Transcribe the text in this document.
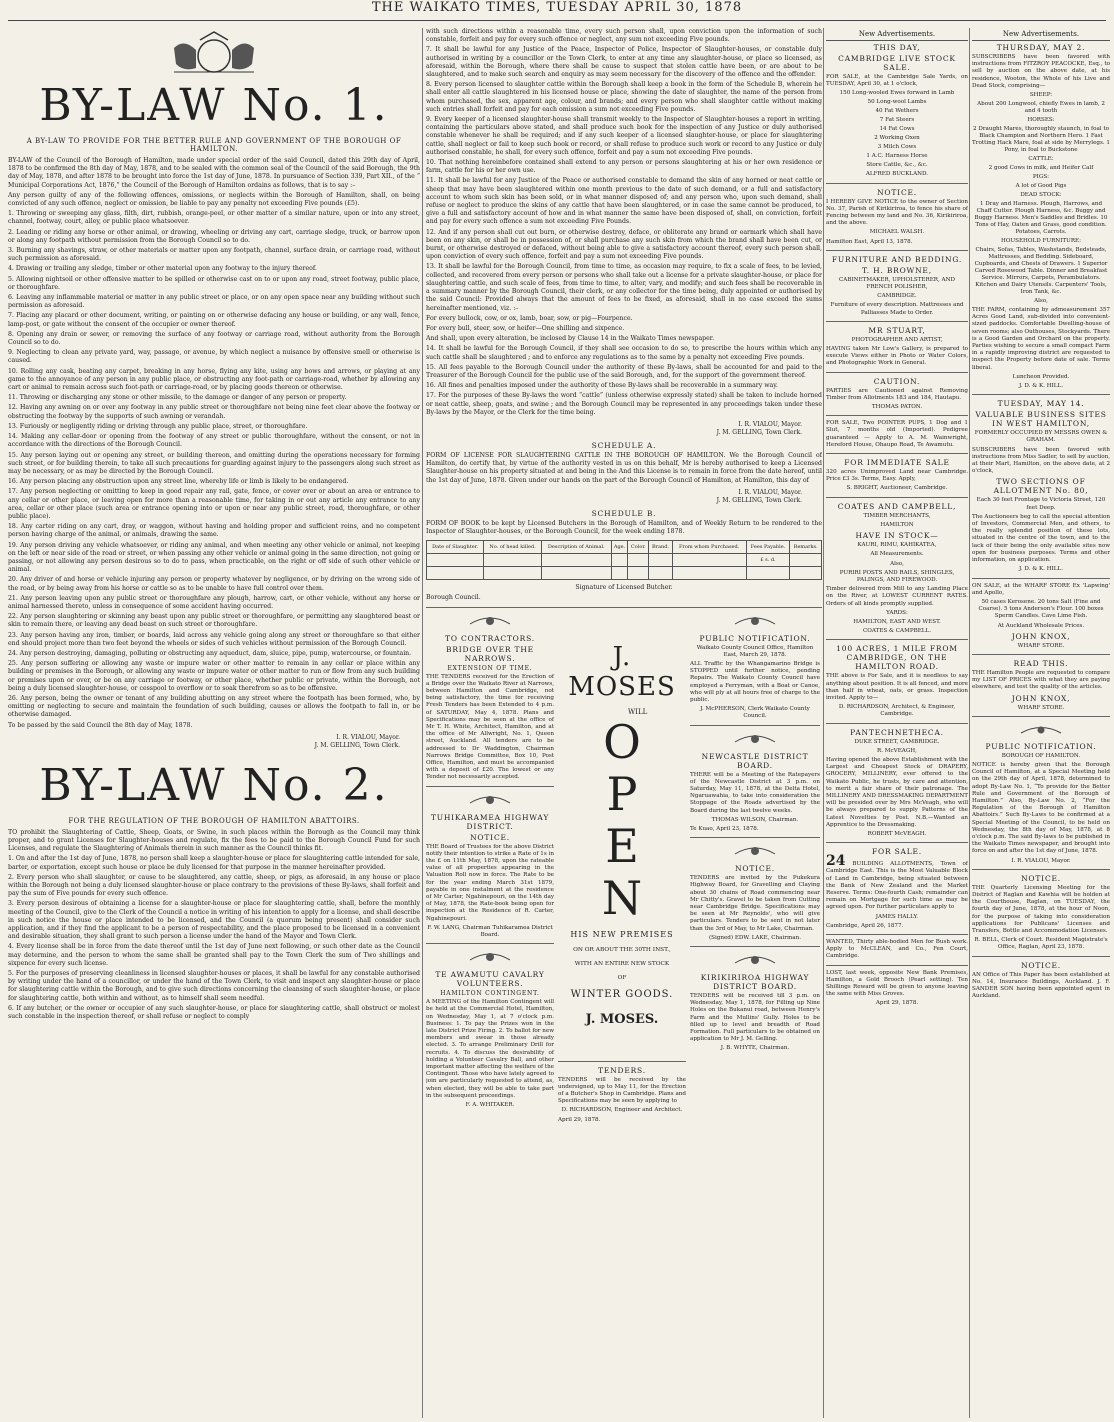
THE WAIKATO TIMES, TUESDAY APRIL 30, 1878
BY-LAW No. 1.
A BY-LAW TO PROVIDE FOR THE BETTER RULE AND GOVERNMENT OF THE BOROUGH OF HAMILTON.

BY-LAW of the Council of the Borough of Hamilton, made under special order of the said Council, dated this 29th day of April, 1878 to be confirmed the 8th day of May, 1878, and to be sealed with the common seal of the Council of the said Borough, the 9th day of May, 1878, and after 1878 to be brought into force the 1st day of June, 1878. In pursuance of Section 339, Part XII., of the “ Municipal Corporations Act, 1876,” the Council of the Borough of Hamilton ordains as follows, that is to say :–

Any person guilty of any of the following offences, omissions, or neglects within the Borough of Hamilton, shall, on being convicted of any such offence, neglect or omission, be liable to pay any penalty not exceeding Five pounds (£5).

1. Throwing or sweeping any glass, filth, dirt, rubbish, orange-peel, or other matter of a similar nature, upon or into any street, channel, footway, court, alley, or public place whatsoever.

2. Leading or riding any horse or other animal, or drawing, wheeling or driving any cart, carriage sledge, truck, or barrow upon or along any footpath without permission from the Borough Council so to do.

3. Burning any shavings, straw, or other materials or matter upon any footpath, channel, surface drain, or carriage road, without such permission as aforesaid.

4. Drawing or trailing any sledge, timber or other material upon any footway to the injury thereof.

5. Allowing nightsoil or other offensive matter to be spilled or otherwise cast on to or upon any road, street footway, public place, or thoroughfare.

6. Leaving any inflammable material or matter in any public street or place, or on any open space near any building without such permission as aforesaid.

7. Placing any placard or other document, writing, or painting on or otherwise defacing any house or building, or any wall, fence, lamp-post, or gate without the consent of the occupier or owner thereof.

8. Opening any drain or sewer, or removing the surface of any footway or carriage road, without authority from the Borough Council so to do.

9. Neglecting to clean any private yard, way, passage, or avenue, by which neglect a nuisance by offensive smell or otherwise is caused.

10. Rolling any cask, beating any carpet, breaking in any horse, flying any kite, using any bows and arrows, or playing at any game to the annoyance of any person in any public place, or obstructing any foot-path or carriage-road, whether by allowing any cart or animal to remain across such foot-path or carriage-road, or by placing goods thereon or otherwise.

11. Throwing or discharging any stone or other missile, to the damage or danger of any person or property.

12. Having any awning on or over any footway in any public street or thoroughfare not being nine feet clear above the footway or obstructing the footway by the supports of such awning or verandah.

13. Furiously or negligently riding or driving through any public place, street, or thoroughfare.

14. Making any cellar-door or opening from the footway of any street or public thoroughfare, without the consent, or not in accordance with the directions of the Borough Council.

15. Any person laying out or opening any street, or building thereon, and omitting during the operations necessary for forming such street, or for building therein, to take all such precautions for guarding against injury to the passengers along such street as may be necessary, or as may be directed by the Borough Council.

16. Any person placing any obstruction upon any street line, whereby life or limb is likely to be endangered.

17. Any person neglecting or omitting to keep in good repair any rail, gate, fence, or cover over or about an area or entrance to any cellar or other place, or leaving open for more than a reasonable time, for taking in or out any article any entrance to any area, cellar or other place (such area or entrance opening into or upon or near any public street, road, thoroughfare, or other public place).

18. Any carter riding on any cart, dray, or waggon, without having and holding proper and sufficient reins, and no competent person having charge of the animal, or animals, drawing the same.

19. Any person driving any vehicle whatsoever, or riding any animal, and when meeting any other vehicle or animal, not keeping on the left or near side of the road or street, or when passing any other vehicle or animal going in the same direction, not going or passing, or not allowing any person desirous so to do to pass, when practicable, on the right or off side of such other vehicle or animal.

20. Any driver of and horse or vehicle injuring any person or property whatever by negligence, or by driving on the wrong side of the road, or by being away from his horse or cattle so as to be unable to have full control over them.

21. Any person leaving upon any public street or thoroughfare any plough, harrow, cart, or other vehicle, without any horse or animal harnessed thereto, unless in consequence of some accident having occurred.

22. Any person slaughtering or skinning any beast upon any public street or thoroughfare, or permitting any slaughtered beast or skin to remain there, or leaving any dead beast on such street or thoroughfare.

23. Any person having any iron, timber, or boards, laid across any vehicle going along any street or thoroughfare so that either end should project more than two feet beyond the wheels or sides of such vehicles without permission of the Borough Council.

24. Any person destroying, damaging, polluting or obstructing any aqueduct, dam, sluice, pipe, pump, watercourse, or fountain.

25. Any person suffering or allowing any waste or impure water or other matter to remain in any cellar or place within any building or premises in the Borough, or allowing any waste or impure water or other matter to run or flow from any such building or premises upon or over, or be on any carriage or footway, or other place, whether public or private, within the Borough, not being a duly licensed slaughter-house, or cesspool to overflow or to soak therefrom so as to be offensive.

26. Any person, being the owner or tenant of any building abutting on any street where the footpath has been formed, who, by omitting or neglecting to secure and maintain the foundation of such building, causes or allows the footpath to fall in, or be otherwise damaged.

To be passed by the said Council the 8th day of May, 1878.

I. R. VIALOU, Mayor.
J. M. GELLING, Town Clerk.
BY-LAW No. 2.
FOR THE REGULATION OF THE BOROUGH OF HAMILTON ABATTOIRS.

TO prohibit the Slaughtering of Cattle, Sheep, Goats, or Swine, in such places within the Borough as the Council may think proper, and to grant Licenses for Slaughter-houses and regulate, fix the fees to be paid to the Borough Council Fund for such Licenses, and regulate the Slaughtering of Animals therein in such manner as the Council thinks fit.

1. On and after the 1st day of June, 1878, no person shall keep a slaughter-house or place for slaughtering cattle intended for sale, barter, or exportation, except such house or place be duly licensed for that purpose in the manner hereinafter provided.

2. Every person who shall slaughter, or cause to be slaughtered, any cattle, sheep, or pigs, as aforesaid, in any house or place within the Borough not being a duly licensed slaughter-house or place contrary to the provisions of these By-laws, shall forfeit and pay the sum of Five pounds for every such offence.

3. Every person desirous of obtaining a license for a slaughter-house or place for slaughtering cattle, shall, before the monthly meeting of the Council, give to the Clerk of the Council a notice in writing of his intention to apply for a license, and shall describe in such notice the house or place intended to be licensed, and the Council (a quorum being present) shall consider such application, and if they find the applicant to be a person of respectability, and the place proposed to be licensed in a convenient and desirable situation, they shall grant to such person a license under the hand of the Mayor and Town Clerk.

4. Every license shall be in force from the date thereof until the 1st day of June next following, or such other date as the Council may determine, and the person to whom the same shall be granted shall pay to the Town Clerk the sum of Two shillings and sixpence for every such license.

5. For the purposes of preserving cleanliness in licensed slaughter-houses or places, it shall be lawful for any constable authorised by writing under the hand of a councillor, or under the hand of the Town Clerk, to visit and inspect any slaughter-house or place for slaughtering cattle within the Borough, and to give such directions concerning the cleansing of such slaughter-house, or place for slaughtering cattle, both within and without, as to himself shall seem needful.

6. If any butcher, or the owner or occupier of any such slaughter-house, or place for slaughtering cattle, shall obstruct or molest such constable in the inspection thereof, or shall refuse or neglect to comply

with such directions within a reasonable time, every such person shall, upon conviction upon the information of such constable, forfeit and pay for every such offence or neglect, any sum not exceeding Five pounds.

7. It shall be lawful for any Justice of the Peace, Inspector of Police, Inspector of Slaughter-houses, or constable duly authorised in writing by a councillor or the Town Clerk, to enter at any time any slaughter-house, or place so licensed, as aforesaid, within the Borough, where there shall be cause to suspect that stolen cattle have been, or are about to be slaughtered, and to make such search and enquiry as may seem necessary for the discovery of the offence and the offender.

8. Every person licensed to slaughter cattle within the Borough shall keep a book in the form of the Schedule B, wherein he shall enter all cattle slaughtered in his licensed house or place, showing the date of slaughter, the name of the person from whom purchased, the sex, apparent age, colour, and brands; and every person who shall slaughter cattle without making such entries shall forfeit and pay for each omission a sum not exceeding Five pounds.

9. Every keeper of a licensed slaughter-house shall transmit weekly to the Inspector of Slaughter-houses a report in writing, containing the particulars above stated, and shall produce such book for the inspection of any Justice or duly authorised constable whenever he shall be required; and if any such keeper of a licensed slaughter-house, or place for slaughtering cattle, shall neglect or fail to keep such book or record, or shall refuse to produce such work or record to any Justice or duly authorised constable, he shall, for every such offence, forfeit and pay a sum not exceeding Five pounds.

10. That nothing hereinbefore contained shall extend to any person or persons slaughtering at his or her own residence or farm, cattle for his or her own use.

11. It shall be lawful for any Justice of the Peace or authorised constable to demand the skin of any horned or neat cattle or sheep that may have been slaughtered within one month previous to the date of such demand, or a full and satisfactory account to whom such skin has been sold, or in what manner disposed of; and any person who, upon such demand, shall refuse or neglect to produce the skins of any cattle that have been slaughtered, or in case the same cannot be produced, to give a full and satisfactory account of how and in what manner the same have been disposed of, shall, on conviction, forfeit and pay for every such offence a sum not exceeding Five Pounds.

12. And if any person shall cut out burn, or otherwise destroy, deface, or obliterate any brand or earmark which shall have been on any skin, or shall be in possession of, or shall purchase any such skin from which the brand shall have been cut, or burnt, or otherwise destroyed or defaced, without being able to give a satisfactory account thereof, every such person shall, upon conviction of every such offence, forfeit and pay a sum not exceeding Five pounds.

13. It shall be lawful for the Borough Council, from time to time, as occasion may require, to fix a scale of fees, to be levied, collected, and recovered from every person or persons who shall take out a license for a private slaughter-house, or place for slaughtering cattle, and such scale of fees, from time to time, to alter, vary, and modify; and such fees shall be recoverable in a summary manner by the Borough Council, their clerk, or any collector for the time being, duly appointed or authorised by the said Council: Provided always that the amount of fees to be fixed, as aforesaid, shall in no case exceed the sums hereinafter mentioned, viz. :–

For every bullock, cow, or ox, lamb, boar, sow, or pig—Fourpence.

For every bull, steer, sow, or heifer—One shilling and sixpence.

And shall, upon every alteration, be inclosed by Clause 14 in the Waikato Times newspaper.

14. It shall be lawful for the Borough Council, if they shall see occasion to do so, to prescribe the hours within which any such cattle shall be slaughtered ; and to enforce any regulations as to the same by a penalty not exceeding Five pounds.

15. All fees payable to the Borough Council under the authority of these By-laws, shall be accounted for and paid to the Treasurer of the Borough Council for the public use of the said Borough, and, for the support of the government thereof.

16. All fines and penalties imposed under the authority of these By-laws shall be recoverable in a summary way.

17. For the purposes of these By-laws the word “cattle” (unless otherwise expressly stated) shall be taken to include horned or neat cattle, sheep, goats, and swine ; and the Borough Council may be represented in any proceedings taken under these By-laws by the Mayor, or the Clerk for the time being.

I. R. VIALOU, Mayor.
J. M. GELLING, Town Clerk.
SCHEDULE A.

FORM OF LICENSE FOR SLAUGHTERING CATTLE IN THE BOROUGH OF HAMILTON. We the Borough Council of Hamilton, do certify that, by virtue of the authority vested in us on this behalf, Mr is hereby authorised to keep a Licensed Slaughter-house on his property situated at and being in the And this License is to remain in force from the date hereof, until the 1st day of June, 1878. Given under our hands on the part of the Borough Council of Hamilton, at Hamilton, this day of

I. R. VIALOU, Mayor.
J. M. GELLING, Town Clerk.
SCHEDULE B.

FORM OF BOOK to be kept by Licensed Butchers in the Borough of Hamilton, and of Weekly Return to be rendered to the Inspector of Slaughter-houses, or the Borough Council, for the week ending 1878.

Date of Slaughter.	No. of head killed.	Description of Animal.	Age.	Color.	Brand.	From whom Purchased.	Fees Payable.	Remarks.
							£ s. d.	

Signature of Licensed Butcher.

Borough Council.

TO CONTRACTORS.
BRIDGE OVER THE NARROWS.
EXTENSION OF TIME.

THE TENDERS received for the Erection of a Bridge over the Waikato River at Narrows, between Hamilton and Cambridge, not being satisfactory, the time for receiving Fresh Tenders has been Extended to 4 p.m. of SATURDAY, May 4, 1878. Plans and Specifications may be seen at the office of Mr T. H. White, Architect, Hamilton, and at the office of Mr Allwright, No. 1, Queen street, Auckland. All tenders are to be addressed to Dr Waddington, Chairman Narrows Bridge Committee, Box 10, Post Office, Hamilton, and must be accompanied with a deposit of £20. The lowest or any Tender not necessarily accepted.

TUHIKARAMEA HIGHWAY DISTRICT.
NOTICE.

THE Board of Trustees for the above District notify their intention to strike a Rate of 1s in the £ on 11th May, 1878, upon the rateable value of all properties appearing in the Valuation Roll now in force. The Rate to be for the year ending March 31st 1879, payable in one instalment at the residence of Mr Carter, Ngahinepouri, on the 14th day of May, 1878, the Rate-book being open for inspection at the Residence of R. Carter, Ngahinepouri.

F. W. LANG, Chairman Tuhikaramea District Board.

TE AWAMUTU CAVALRY VOLUNTEERS.
HAMILTON CONTINGENT.

A MEETING of the Hamilton Contingent will be held at the Commercial Hotel, Hamilton, on Wednesday, May 1, at 7 o'clock p.m. Business: 1. To pay the Prizes won in the late District Prize Firing. 2. To ballot for new members and swear in those already elected. 3. To arrange Preliminary Drill for recruits. 4. To discuss the desirability of holding a Volunteer Cavalry Ball, and other important matter affecting the welfare of the Contingent. Those who have lately agreed to join are particularly requested to attend, as, when elected, they will be able to take part in the subsequent proceedings.

F. A. WHITAKER.

J. MOSES
WILL
O
P
E
N
HIS NEW PREMISES
ON OR ABOUT THE 30TH INST.,
WITH AN ENTIRE NEW STOCK
OF
WINTER GOODS.
J. MOSES.
TENDERS.

TENDERS will be received by the undersigned, up to May 11, for the Erection of a Butcher's Shop in Cambridge. Plans and Specifications may be seen by applying to

D. RICHARDSON, Engineer and Architect.

April 29, 1878.

PUBLIC NOTIFICATION.

Waikato County Council Office, Hamilton East, March 29, 1878.

ALL Traffic by the Whangamarino Bridge is STOPPED until further notice, pending Repairs. The Waikato County Council have employed a Ferryman, with a Boat or Canoe, who will ply at all hours free of charge to the public.

J. McPHERSON, Clerk Waikato County Council.

NEWCASTLE DISTRICT BOARD.

THERE will be a Meeting of the Ratepayers of the Newcastle District at 3 p.m. on Saturday, May 11, 1878, at the Delta Hotel, Ngaruawahia, to take into consideration the Stoppage of the Roads advertised by the Board during the last twelve weeks.

THOMAS WILSON, Chairman.

Te Kuao, April 23, 1878.

NOTICE.

TENDERS are invited by the Pukekura Highway Board, for Gravelling and Claying about 30 chains of Road commencing near Mr Chitty's. Gravel to be taken from Cutting near Cambridge Bridge. Specifications may be seen at Mr Reynolds', who will give particulars. Tenders to be sent in not later than the 3rd of May, to Mr Lake, Chairman.

(Signed) EDW. LAKE, Chairman.

KIRIKIRIROA HIGHWAY DISTRICT BOARD.

TENDERS will be received till 3 p.m. on Wednesday, May 1, 1878, for Filling up Nine Holes on the Bukanui road, between Henry's Farm and the Mullins' Gully. Holes to be filled up to level and breadth of Road Formation. Full particulars to be obtained on application to Mr J. M. Gelling.

J. B. WHYTE, Chairman.

New Advertisements.
THIS DAY,
CAMBRIDGE LIVE STOCK SALE.

FOR SALE, at the Cambridge Sale Yards, on TUESDAY, April 30, at 1 o'clock,

150 Long-wooled Ewes forward in Lamb

50 Long-wool Lambs

40 Fat Wethers

7 Fat Steers

14 Fat Cows

2 Working Oxen

3 Milch Cows

1 A.C. Harness Horse

Store Cattle, &c., &c.

ALFRED BUCKLAND.

NOTICE.

I HEREBY GIVE NOTICE to the owner of Section No. 37, Parish of Kirikiriroa, to fence his share of Fencing between my land and No. 36, Kirikiriroa, and the above.

MICHAEL WALSH.

Hamilton East, April 13, 1878.

FURNITURE AND BEDDING.
T. H. BROWNE,

CABINETMAKER, UPHOLSTERER, AND FRENCH POLISHER,

CAMBRIDGE.

Furniture of every description. Mattresses and Palliasses Made to Order.

MR STUART,

PHOTOGRAPHER AND ARTIST,

HAVING taken Mr Low's Gallery, is prepared to execute Views either in Photo or Water Colors, and Photographic Work in General.

CAUTION.

PARTIES are Cautioned against Removing Timber from Allotments 183 and 184, Hautapu.

THOMAS PATON.

FOR SALE, Two POINTER PUPS, 1 Dog and 1 Slut, 7 months old (Imported). Pedigree guaranteed — Apply to A. M. Wainwright, Hereford House, Ohaupo Road, Te Awamutu.

FOR IMMEDIATE SALE

320 acres Unimproved Land near Cambridge. Price £3 3s. Terms, Easy. Apply,

S. BRIGHT, Auctioneer, Cambridge.

COATES AND CAMPBELL,

TIMBER MERCHANTS,

HAMILTON

HAVE IN STOCK—

KAURI, RIMU, KAHIKATEA,

All Measurements.

Also,

PURIRI POSTS AND RAILS, SHINGLES, PALINGS, AND FIREWOOD.

Timber delivered from Mill to any Landing Place on the River, at LOWEST CURRENT RATES. Orders of all kinds promptly supplied.

YARDS:

HAMILTON, EAST AND WEST.

COATES & CAMPBELL.

100 ACRES, 1 MILE FROM CAMBRIDGE, ON THE HAMILTON ROAD.

THE above is For Sale, and it is needless to say anything about position. It is all fenced, and more than half in wheat, oats, or grass. Inspection invited. Apply to—

D. RICHARDSON, Architect, & Engineer, Cambridge.

PANTECHNETHECA.

DUKE STREET, CAMBRIDGE.

R. McVEAGH,

Having opened the above Establishment with the Largest and Cheapest Stock of DRAPERY, GROCERY, MILLINERY, ever offered to the Waikato Public, he trusts, by care and attention, to merit a fair share of their patronage. The MILLINERY AND DRESSMAKING DEPARTMENT will be presided over by Mrs McVeagh, who will be always prepared to supply Patterns of the Latest Novelties by Post. N.B.—Wanted an Apprentice to the Dressmaking.

ROBERT McVEAGH.

FOR SALE.

24 BUILDING ALLOTMENTS, Town of Cambridge East. This is the Most Valuable Block of Land in Cambridge, being situated between the Bank of New Zealand and the Market Reserve. Terms: One-fourth Cash; remainder can remain on Mortgage for such time as may be agreed upon. For further particulars apply to

JAMES HALLY.

Cambridge, April 26, 1877.

WANTED, Thirty able-bodied Men for Bush work. Apply to McCLEAN, and Co., Fen Court, Cambridge.

LOST, last week, opposite New Bank Premises, Hamilton, a Gold Brooch (Pearl setting). Ten Shillings Reward will be given to anyone leaving the same with Miss Groves.

April 29, 1878.

New Advertisements.
THURSDAY, MAY 2.

SUBSCRIBERS have been favored with instructions from FITZROY PEACOCKE, Esq., to sell by auction on the above date, at his residence, Wooton, the Whole of his Live and Dead Stock, comprising—

SHEEP:

About 200 Longwool, chiefly Ewes in lamb, 2 and 4 tooth

HORSES:

2 Draught Mares, thoroughly staunch, in foal to Black Champion and Northern Hero. 1 Fast Trotting Hack Mare, foal at side by Merrylegs. 1 Pony, in foal to Buckstone

CATTLE:

2 good Cows in milk, and Heifer Calf

PIGS:

A lot of Good Pigs

DEAD STOCK:

1 Dray and Harness. Plough, Harrows, and Chaff Cutter. Plough Harness, &c. Buggy and Buggy Harness. Men's Saddles and Bridles. 10 Tons of Hay, Oaten and Grass, good condition. Potatoes, Carrots.

HOUSEHOLD FURNITURE:

Chairs, Sofas, Tables, Washstands, Bedsteads, Mattresses, and Bedding. Sideboard, Cupboards, and Chests of Drawers. 1 Superior Carved Rosewood Table. Dinner and Breakfast Service. Mirrors, Carpets, Perambulators. Kitchen and Dairy Utensils. Carpenters' Tools, Iron Tank, &c.

Also,

THE FARM, containing by admeasurement 357 Acres Good Land, sub-divided into convenient-sized paddocks. Comfortable Dwelling-house of seven rooms; also Outhouses, Stockyards. There is a Good Garden and Orchard on the property. Parties wishing to secure a small compact Farm in a rapidly improving district are requested to inspect the Property before date of sale. Terms liberal.

Luncheon Provided.

J. D. & K. HILL.

TUESDAY, MAY 14.
VALUABLE BUSINESS SITES IN WEST HAMILTON,

FORMERLY OCCUPIED BY MESSRS OWEN & GRAHAM.

SUBSCRIBERS have been favored with instructions from Miss Sadler, to sell by auction, at their Mart, Hamilton, on the above date, at 2 o'clock,

TWO SECTIONS OF ALLOTMENT No. 80,

Each 30 feet Frontage to Victoria Street, 120 feet Deep.

The Auctioneers beg to call the special attention of Investors, Commercial Men, and others, to the really splendid position of these lots, situated in the centre of the town, and to the lack of their being the only available sites now open for business purposes. Terms and other information, on application.

J. D. & K. HILL.

ON SALE, at the WHARF STORE Ex 'Lapwing' and Apollo,

50 cases Kerosene. 20 tons Salt (Fine and Coarse). 5 tons Anderson's Flour. 100 boxes Sperm Candles. Cave Lime Fish.

At Auckland Wholesale Prices.

JOHN KNOX,

WHARF STORE.

READ THIS.

THE Hamilton People are requested to compare my LIST OF PRICES with what they are paying elsewhere, and test the quality of the articles.

JOHN KNOX,

WHARF STORE.

PUBLIC NOTIFICATION.

BOROUGH OF HAMILTON.

NOTICE is hereby given that the Borough Council of Hamilton, at a Special Meeting held on the 29th day of April, 1878, determined to adopt By-Law No. 1, “To provide for the Better Rule and Government of the Borough of Hamilton.” Also, By-Law No. 2, “For the Regulation of the Borough of Hamilton Abattoirs.” Such By-Laws to be confirmed at a Special Meeting of the Council, to be held on Wednesday, the 8th day of May, 1878, at 8 o'clock p.m. The said By-laws to be published in the Waikato Times newspaper, and brought into force on and after the 1st day of June, 1878.

I. R. VIALOU, Mayor.

NOTICE.

THE Quarterly Licensing Meeting for the District of Raglan and Kawhia will be holden at the Courthouse, Raglan, on TUESDAY, the fourth day of June, 1878, at the hour of Noon, for the purpose of taking into consideration applications for Publicans' Licenses and Transfers, Bottle and Accommodation Licenses.

R. BELL, Clerk of Court. Resident Magistrate's Office, Raglan, April 23, 1878.

NOTICE.

AN Office of This Paper has been established at No. 14, Insurance Buildings, Auckland. J. F. SANDER SON having been appointed agent in Auckland.
